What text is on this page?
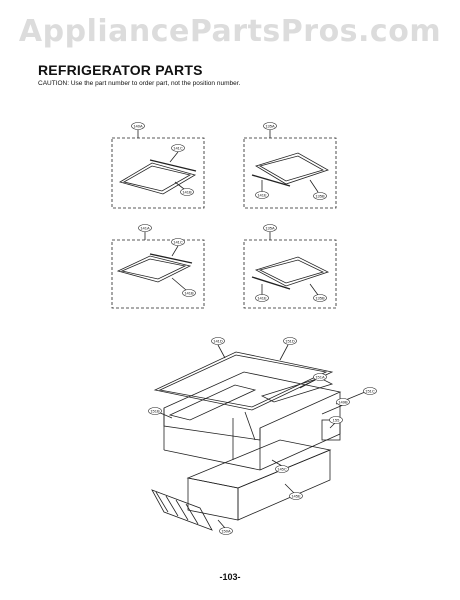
AppliancePartsPros.com
REFRIGERATOR PARTS
CAUTION: Use the part number to order part, not the position number.
140A
141C
141B
135A
141E	135B
141A
141C
141B
135A
141E	135B
141D	151D
151A
151B
151C
149B
155
145C
145E
150A
-103-
